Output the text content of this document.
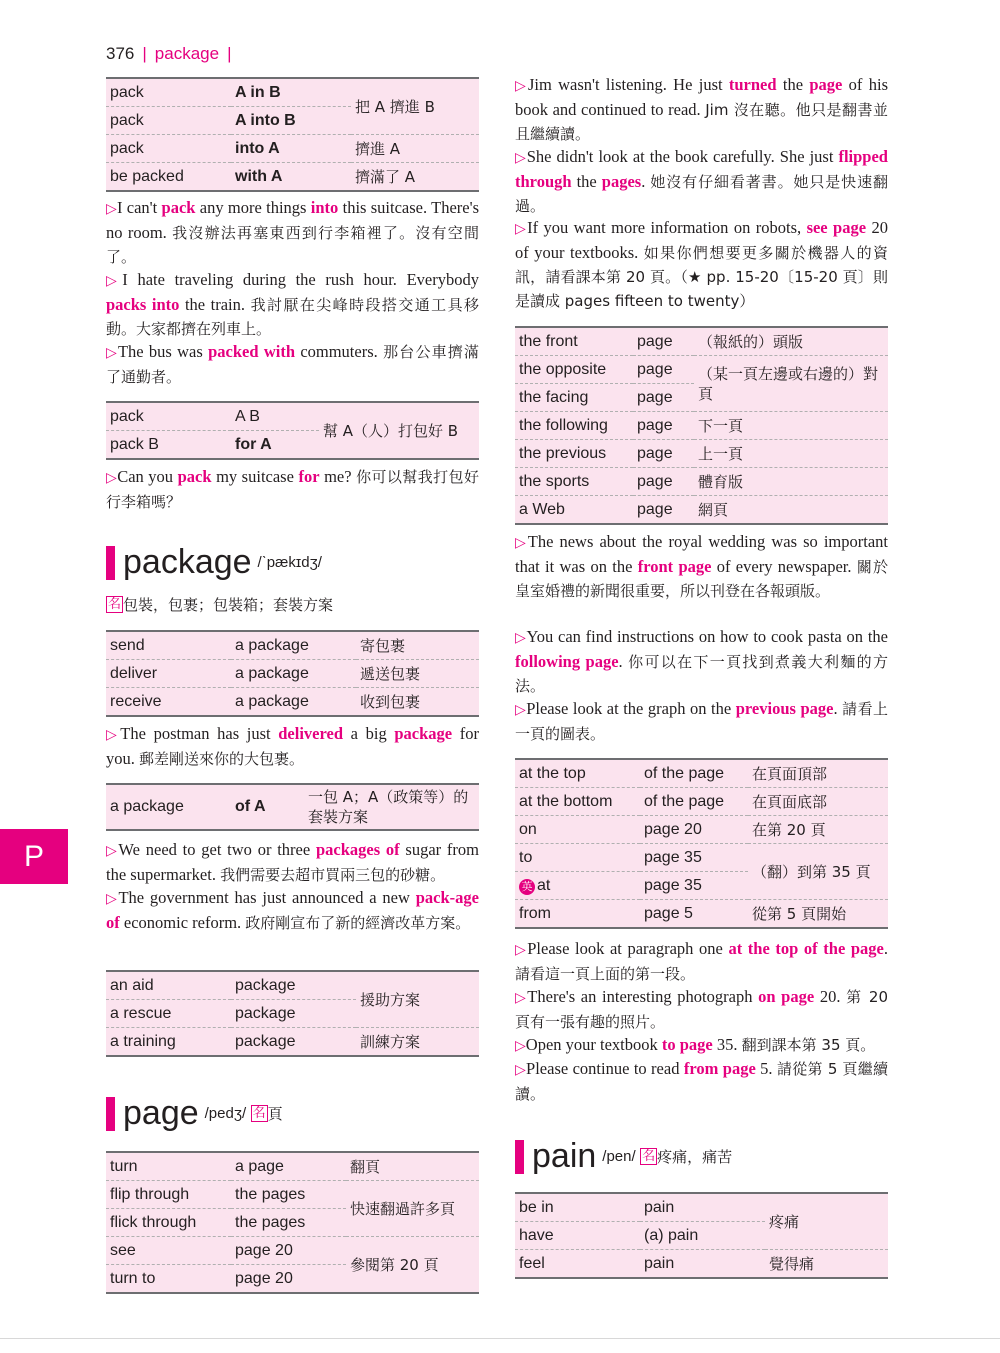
376 | package |
P
pack	A in B	把 A 擠進 B
pack	A into B	
pack	into A	擠進 A
be packed	with A	擠滿了 A
▷I can't pack any more things into this suitcase. There's no room. 我沒辦法再塞東西到行李箱裡了。沒有空間了。
▷I hate traveling during the rush hour. Everybody packs into the train. 我討厭在尖峰時段搭交通工具移動。大家都擠在列車上。
▷The bus was packed with commuters. 那台公車擠滿了通勤者。
pack	A B	幫 A（人）打包好 B
pack B	for A	
▷Can you pack my suitcase for me? 你可以幫我打包好行李箱嗎？
package /ˋpækɪdʒ/
名 包裝，包裹；包裝箱；套裝方案
send	a package	寄包裹
deliver	a package	遞送包裹
receive	a package	收到包裹
▷The postman has just delivered a big package for you. 郵差剛送來你的大包裹。
a package	of A	一包 A；A（政策等）的套裝方案
▷We need to get two or three packages of sugar from the supermarket. 我們需要去超市買兩三包的砂糖。
▷The government has just announced a new pack-age of economic reform. 政府剛宣布了新的經濟改革方案。
an aid	package	援助方案
a rescue	package	
a training	package	訓練方案
page /pedʒ/ 名 頁
turn	a page	翻頁
flip through	the pages	快速翻過許多頁
flick through	the pages	
see	page 20	參閱第 20 頁
turn to	page 20	
▷Jim wasn't listening. He just turned the page of his book and continued to read. Jim 沒在聽。他只是翻書並且繼續讀。
▷She didn't look at the book carefully. She just flipped through the pages. 她沒有仔細看著書。她只是快速翻過。
▷If you want more information on robots, see page 20 of your textbooks. 如果你們想要更多關於機器人的資訊，請看課本第 20 頁。（★ pp. 15-20〔15-20 頁〕則是讀成 pages fifteen to twenty）
the front	page	（報紙的）頭版
the opposite	page	（某一頁左邊或右邊的）對頁
the facing	page	
the following	page	下一頁
the previous	page	上一頁
the sports	page	體育版
a Web	page	網頁
▷The news about the royal wedding was so important that it was on the front page of every newspaper. 關於皇室婚禮的新聞很重要，所以刊登在各報頭版。
▷You can find instructions on how to cook pasta on the following page. 你可以在下一頁找到煮義大利麵的方法。
▷Please look at the graph on the previous page. 請看上一頁的圖表。
at the top	of the page	在頁面頂部
at the bottom	of the page	在頁面底部
on	page 20	在第 20 頁
to	page 35	（翻）到第 35 頁
英 at	page 35	
from	page 5	從第 5 頁開始
▷Please look at paragraph one at the top of the page. 請看這一頁上面的第一段。
▷There's an interesting photograph on page 20. 第 20 頁有一張有趣的照片。
▷Open your textbook to page 35. 翻到課本第 35 頁。
▷Please continue to read from page 5. 請從第 5 頁繼續讀。
pain /pen/ 名 疼痛，痛苦
be in	pain	疼痛
have	(a) pain	
feel	pain	覺得痛
